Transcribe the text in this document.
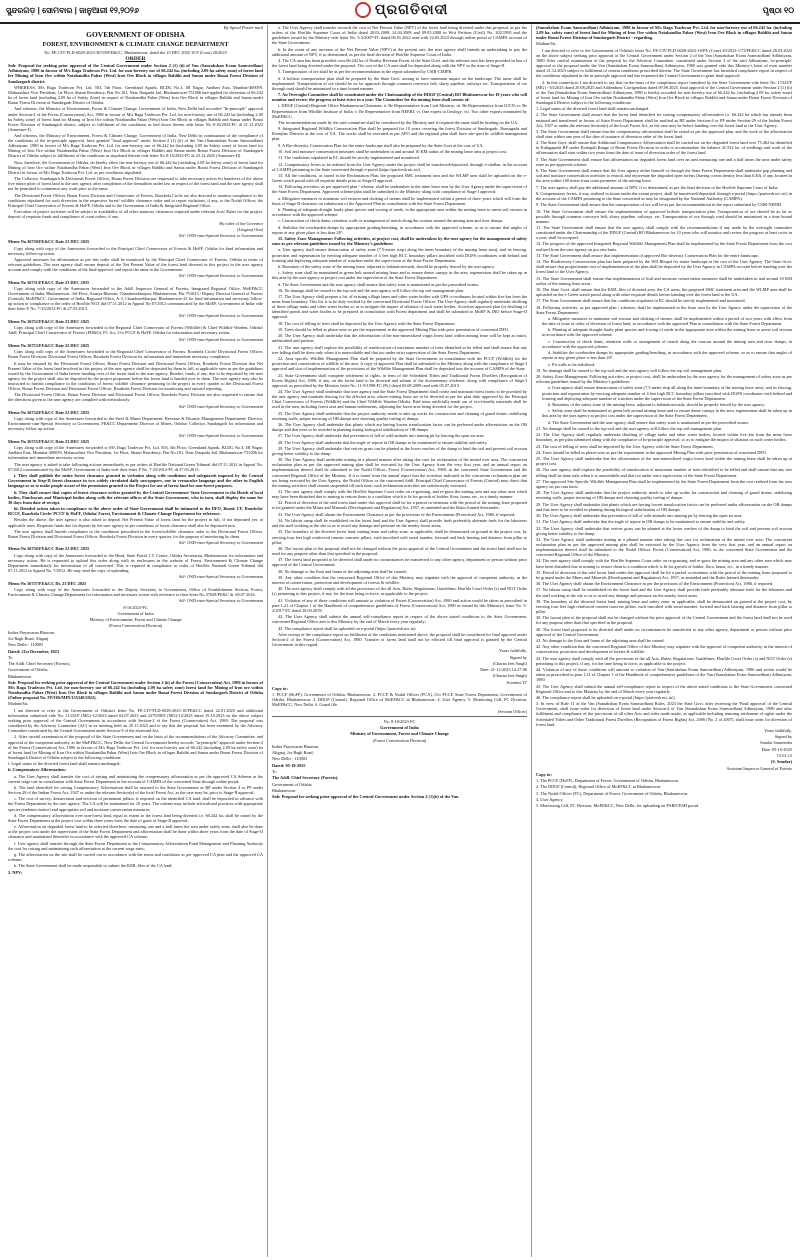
ସୁନ୍ଦରଗଡ଼ | ସୋମବାର | ଜାନୁଆରୀ ୧୨,୨୦୨୬	ପ୍ରଗତିବାଦୀ	ପୃଷ୍ଠା ୧୦
By Speed Post/e-mail
GOVERNMENT OF ODISHA
FOREST, ENVIRONMENT & CLIMATE CHANGE DEPARTMENT

No. FE-CIV-FLD-0028-2023-36749/FE&CC, Bhubaneswar, dated the 23 DEC 2025 10 F (Cons) 20/2023

ORDER

Sub: Proposal for seeking prior approval of the Central Government under Section 2 (1) (ii) of Van (Sanrakshan Evam Samvardhan) Adhiniyam, 1980 in favour of M/s Raga Tradecon Pvt. Ltd. for non-forestry use of 66.242 ha. (including 2.09 ha safety zone) of forest land for Mining of Iron Ore within Notabandha Pahar (West) Iron Ore Block in villages Baldihi and Sanua under Bonai Forest Division of Sundargarh district.

WHEREAS, M/s Raga Tradecon Pvt. Ltd. 503, 5th Floor, Greenland Apartk, BLDG No.3, JB Nagar, Andheri East, Mumbai-400059, Maharashtra Vice President, 1st Floor, Shanti Residency, Flat No.101, Near Jharpada Jail, Bhubaneswar-751006 had applied for diversion of 66.242 ha of forest land (including 2.09 ha of Safety Zone) in respect of Notabandha Pahar (West) Iron Ore Block in villages Baldihi and Sanua under Bonai Forest Division of Sundargarh District of Odisha.

And whereas, the Ministry of Environment, Forest & Climate Change, Government of India, New Delhi had accorded "In-principle" approval under Section-2 of the Forest (Conservation) Act, 1980 in favour of M/s Raga Tradecon Pvt. Ltd. for non-forestry use of 66.242 ha (including 2.09 ha Safety zone) of forest land for Mining of Iron Ore within Notabandha Pahar (West) Iron Ore Block in villages Baldihi and Sanua under Bonai Forest Division of Sundargarh district, subject to fulfilment of the conditions as laid down therein vide letter No 8-16/2023-FC dt 21.12.2023 (Annexure-I).

And whereas, the Ministry of Environment, Forest & Climate Change, Government of India, New Delhi in continuation of the compliance of the conditions of the in-principle approval, have granted "final approval" under Section-2 (1) (ii) of the Van (Sanrakshan Evam Samvardhan) Adhiniyam, 1980 in favour of M/s Raga Tradecon Pvt. Ltd. for non-forestry use of 66.242 ha (including 2.09 ha Safety zone) of forest land for Mining of Iron Ore within Notabandha Pahar (West) Iron Ore Block in villages Baldihi and Sanua under Bonai Forest Division of Sundargarh District of Odisha subject to fulfilment of the conditions as stipulated therein vide letter No 8-16/2023-FC dt 23.12.2025 (Annexure-II).

Now, therefore, the Government of Odisha, do hereby allow the non-forestry use of 66.242 ha (including 2.09 ha Safety zone) of forest land for Mining of Iron Ore within Notabandha Pahar (West) Iron Ore Block in villages Baldihi and Sanua under Bonai Forest Division of Sundargarh District in favour of M/s Raga Tradecon Pvt. Ltd. as per conditions stipulated.

The Collector, Sundargarh & Divisional Forest Officer, Bonai Forest Division are requested to take necessary action for handover of the above five minor plots of forest land to the user agency after completion of the formalities under law in respect of the forest land and the user agency shall not be permitted to commence any work prior to the same.

The Divisional Forest Officer, Bonai Forest Division and Conservator of Forests, Rourkela Circle are also directed to monitor compliance to the conditions stipulated for such diversion in the respective forest/ wildlife clearance order and to report violations, if any, to the Nodal Officer, the Principal Chief Conservator of Forests & HoFF, Odisha and to the Government of India & Integrated Regional Office.

Execution of project activities will be subject to availability of all other statutory clearances required under relevant Acts/ Rules for the project, deposit of requisite funds and compliance of court orders, if any.

By order of the Governor

(Lingaraj Otta)

Sd/- OSD-cum-Special Secretary to Government

Memo No.36750/FE&CC Date 23 DEC 2025

Copy along with copy of the Annexures forwarded to the Principal Chief Conservator of Forests & HoFF, Odisha for kind information and necessary follow-up action.

Approved measures for afforestation as per this order shall be monitored by the Principal Chief Conservator of Forests, Odisha in terms of relevant guidelines. The user agency shall ensure deposit of the Net Present Value of the forest land diverted in this project in the user agency account and comply with the conditions of the final approval, and report the same to the Government.

Sd/- OSD-cum-Special Secretary to Government

Memo No 36751/FE&CC Date 23 DEC 2025

Copy along with copy of the Annexures forwarded to the Addl. Inspector General of Forests, Integrated Regional Office, MoEF&CC Government of India, Bhubaneswar, 3rd Floor, Aranya Bhawan, Chandrasekharpur, Bhubaneswar, Pin-751023 / Deputy Director General of Forests (Central), MoEF&CC, Government of India, Regional Office, A-3, Chandrasekharpur, Bhubaneswar-23 for kind information and necessary follow-up action in compliance to the order of Hon'ble NGT dtd 07.11.2012 in Appeal No 07/2012 communicated by the MoEF, Government of India vide their letter F No. 7-25/2012-FC dt 27.03.2013.

Sd/- OSD-cum-Special Secretary to Government

Memo No 36752/FE&CC Date 23 DEC 2025

Copy along with copy of the Annexures forwarded to the Regional Chief Conservator of Forests (Wildlife) & Chief Wildlife Warden, Odisha/ Addl. Principal Chief Conservator of Forests (FD&O), FC Act, O/o PCCF & HoFF, Odisha for information and necessary action.

Sd/- OSD-cum-Special Secretary to Government

Memo No 36753/FE&CC Date 23 DEC 2025

Copy along with copy of the Annexures forwarded to the Regional Chief Conservator of Forests, Rourkela Circle/ Divisional Forest Officer, Bonai Forest Division/ Divisional Forest Officer, Rourkela Forest Division for information and immediate necessary compliance.

It may be ensured by the Divisional Forest Officer, Bonai Forest Division and Divisional Forest Officer, Rourkela Forest Division that Net Present Value of the forest land involved in this project of the user agency shall be deposited by them in full, at applicable rates as per the guidelines issued by the Government of India before handing over of the forest land to the user agency. Besides, funds, if any, due to be deposited by the user agency for the project shall also be deposited by the project proponent before the forest land is handed over to them. The user agency may also be instructed to furnish compliance to the conditions of forest/ wildlife clearance pertaining to the project in every quarter to the Divisional Forest Officer, Bonai Forest Division and Divisional Forest Officer, Rourkela Forest Division for monitoring and onward reporting.

The Divisional Forest Officer, Bonai Forest Division and Divisional Forest Officer, Rourkela Forest Division are also requested to ensure that the directions given to the user agency are complied with meticulously.

Sd/- OSD-cum-Special Secretary to Government

Memo No 36754/FE&CC Date 23 DEC 2025

Copy along with copy of the Annexures forwarded to the Steel & Mines Department/ Revenue & Disaster Management Department/ Director, Environment-cum-Special Secretary to Government, FE&CC Department/ Director of Mines, Odisha/ Collector, Sundargarh for information and necessary follow up action.

Sd/- OSD-cum-Special Secretary to Government

Memo No 36755/FE&CC Date 23 DEC 2025

Copy along with copy of the Annexures forwarded to M/s Raga Tradecon Pvt. Ltd. 503, 5th Floor, Greenland Apartk, BLDG No.3, JB Nagar, Andheri East, Mumbai-400059, Maharashtra Vice President, 1st Floor, Shanti Residency, Flat No.101, Near Jharpada Jail, Bhubaneswar-751006 for information and immediate necessary action.

The user agency is asked to take following actions immediately as per orders of Hon'ble National Green Tribunal dtd 07.11.2012 in Appeal No. 07/2012 communicated by the MoEF, Government of India vide their letter F No. 7-25/2012-FC dt 27.03.2013.

i. They shall publish the entire forest clearance granted in verbatim along with conditions and safeguards imposed by the Central Government in Step-II forest clearance in two widely circulated daily newspapers, one in vernacular language and the other in English language so as to make people aware of the permission granted to the Project for use of forest land for non-forest purposes.

ii. They shall ensure that copies of forest clearance orders granted by the Central Government/ State Government to the Heads of local bodies, Panchayats and Municipal bodies along with the relevant offices of the State Government, who in turn, shall display the same for 30 days from date of receipt.

iii. Detailed action taken in compliance to the above order of State Government shall be intimated to the DFO, Bonai/ CF, Rourkela/ RCCF, Rourkela Circle/ PCCF & HoFF, Odisha/ Forest, Environment & Climate Change Department for reference.

Besides the above, the user agency is also asked to deposit Net Present Value of forest land for the project in full, if not deposited yet, at applicable rates. Requisite funds due for deposit by the user agency as per conditions of forest clearance shall also be deposited now.

The user agency shall furnish compliance to the conditions prescribed in the forest/wildlife clearance order to the Divisional Forest Officer, Bonai Forest Division and Divisional Forest Officer, Rourkela Forest Division in every quarter, for the purpose of monitoring by them.

Sd/- OSD-cum-Special Secretary to Government

Memo No 36756/FE&CC Date 23 DEC 2025

Copy along with copy of the Annexures forwarded to the Head, State Portal, I.T. Centre, Odisha Secretariat, Bhubaneswar for information and necessary action. He is requested to upload this order along with its enclosures in the website of Forest, Environment & Climate Change Department immediately for information of all concerned. This is required in compliance to order of Hon'ble National Green Tribunal dtd 07.11.2012 in Appeal No. 7/2012. He may send the copy of uploading.

Sd/- OSD-cum-Special Secretary to Government

Memo No 36757/FE&CC Dt. 23 DEC 2025

Copy along with copy of the Annexures forwarded to the Deputy Secretary to Government, Office of Establishment Section, Forest, Environment & Climate Change Department for information and necessary action with reference to their letter No 37029/FE&C dt. 06.07.2016.

Sd/- OSD-cum-Special Secretary to Government

8-16/2023-FC

Government of India

Ministry of Environment, Forest and Climate Change

(Forest Conservation Division)

Indira Paryavaran Bhawan,

Jor Bagh Road, Aliganj

New Delhi - 110003

Dated: 21st December, 2023

To

The Addl. Chief Secretary (Forests),

Government of Odisha,

Bhubaneswar

Sub: Proposal for seeking prior approval of the Central Government under Section 2 (ii) of the Forest (Conservation) Act, 1980 in favour of M/s Raga Tradecon Pvt. Ltd. for non-forestry use of 66.242 ha (including 2.09 ha safety zone) forest land for Mining of Iron ore within Notabandha Pahar (West) Iron Ore Block in villages Baldihi and Sanua under Bonai Forest Division of Sundargarh District of Odisha (Online proposal No. FP/OR/MIN/155340/2022).

Madam/Sir,

I am directed to refer to the Government of Odisha's letter No. FE-CIV-FLD-0028-2023-10/FE&CC dated 22.01.2023 and additional information submitted vide No. 11332/F (MG)-12/2023 dated 04.07.2023 and 2279/08/F (MG)-12/2023 dated 19.10.2023 on the above subject seeking prior approval of the Central Government in accordance with Section-2 of the Forest (Conservation) Act, 1980. The proposal was considered by the Advisory Committee (AC) in its meeting held on 29.11.2023 and to say that the proposal has been examined by the Advisory Committee constituted by the Central Government under Section-3 of the aforesaid Act.

2. After careful examination of the proposal of the State Government and on the basis of the recommendations of the Advisory Committee, and approval of the competent authority, at the MoEF&CC, New Delhi, the Central Government hereby accords "in-principle" approval under Section-2 of the Forest (Conservation) Act, 1980 in favour of M/s Raga Tradecon Pvt. Ltd. for non-forestry use of 66.242 (including 2.09 ha safety zone) ha of forest land for Mining of Iron Ore within Notabandha Pahar (West) Iron Ore Block in villages Baldihi and Sanua under Bonai Forest Division of Sundargarh District of Odisha subject to the following conditions:

i. Legal status of the diverted forest land shall remain unchanged;

ii. Compensatory Afforestation:

a. The User Agency shall transfer the cost of raising and maintaining the compensatory afforestation as per the approved CA Scheme at the current wage rate in consultation with State Forest Department in the account of CAMPA of the concerned State through online portal;

b. The land identified for raising Compensatory Afforestation shall be mutated to the State Government as RF under Section 4 or PF under Section 29 of the Indian Forest Act, 1927 or under the relevant Section(s) of the local Forest Act, as the case may be, prior to Stage-II approval;

c. The cost of survey, demarcation and erection of permanent pillars, if required on the identified CA land, shall be deposited in advance with the Forest Department by the user agency. The CA will be maintained for 10 years. The scheme may include silvicultural practices with appropriate species (endemic/native) and appropriate soil and moisture conservation measures;

d. The compensatory afforestation over non-forest land, equal in extent to the forest land being diverted i.e. 66.242 ha, shall be raised by the State Forest Department at the project cost within three years from the date of grant of Stage-II approval;

e. Afforestation on degraded forest land to be selected elsewhere, measuring one and a half times the area under safety zone, shall also be done at the project cost under the supervision of the State Forest Department and afforestation shall be done within three years from the date of Stage-II clearance and maintained thereafter in accordance with the approved CA scheme;

f. User agency shall transfer through the State Forest Department to the Compensatory Afforestation Fund Management and Planning Authority the cost for raising and maintaining such afforestation at the current wage rates;

g. The afforestation on the site shall be carried out in accordance with the terms and conditions as per approved CA plan and the approved CA scheme;

h. The State Government shall be made responsible to submit the KML files of the CA land;

3. NPV:

a. The User Agency shall transfer towards the cost of Net Present Value (NPV) of the forest land being diverted under this proposal, as per the orders of the Hon'ble Supreme Court of India dated 28.03.2008, 24.04.2008 and 09.05.2008 in Writ Petition (Civil) No. 202/1995 and the guidelines issued by the Ministry vide letter No. 5-3/2007-FC dated 06.01.2022 read with 22.03.2023 through online portal of CAMPA account of the State Government;

b. In the event of any increase of the Net Present Value (NPV) at the present rate, the user agency shall furnish an undertaking to pay the additional amount of NPV, if so determined, as per the final decision of Hon'ble Supreme Court of India.

4. The CA area has been provided over 66.242 ha of Nearby Revenue Forest of the State Govt. and the relevant area has been provided in lieu of the forest land being diverted under the proposal. The cost of the CA area shall be deposited along with the NPV in the time of Stage-II.

5. Transportation of ore shall be as per the recommendation in the report submitted by CSIR-CIMFR.

6. A holistic transportation plan shall be prepared by the State Govt. aiming to have minimum impact on the landscape. The same shall be implemented. Transportation of ore should be on lot approach through common conveyor belt, slurry pipeline, railways etc. Transportation of ore through road should be minimized in a time bound manner.

7. An Oversight Committee shall be constituted under the Chairmanship of the DDGF (Central) RO Bhubaneswar for 10 years who will monitor and review the progress at least twice in a year. The Committee for the mining lease shall consist of:

i. DDGF (Central)-Regional Office Bhubaneswar-Chairman; ii. Be Representative from Coal Ministry; iii. Be Representative from IUCN; iv. Be Representative from Wildlife Institute of India; v. Be Representative from NEERI; vi. One expert in Geology; vii. Two other experts nominated by MoEF&CC.

The recommendations made by the said committee shall be considered by the Ministry and if required the same shall be binding on the UA.

8. Integrated Regional Wildlife Conservation Plan shall be prepared for 10 years covering the forest Division of Sundargarh, Jharsuguda and Keonjhar Districts at the cost of UA. The works shall be executed as per APO and the regional plan shall have site-specific wildlife management plan.

9. A Bio-diversity Conservation Plan for the entire landscape shall also be prepared by the State Govt at the cost of UA.

10. Soil and moisture conservation measures shall be undertaken in and around 10 KM radius of the mining lease area at project cost.

11. The conditions stipulated in EC should be strictly implemented and monitored.

12. Compensatory levies to be realized from the User Agency under the project shall be transferred/deposited, through e-challan, in the account of CAMPA pertaining to the State concerned through e-portal (https://parivesh.nic.in/).

13. All the conditions, as stated in the Reclamation Plan, the proposed SMC treatment area and the WLMP area shall be uploaded on the e-Green watch portal with all requisite details prior to Stage-II approval.

14. Following activities, as per approved plan / scheme, shall be undertaken in the mine lease area by the User Agency under the supervision of the State Forest Department. Approved scheme/plan shall be submitted to the Ministry along with compliance of Stage-I approval:

a. Mitigative measures to minimize soil erosion and choking of stream shall be implemented within a period of three years which will form the basis of Stage-II clearance on submission of the Approved Plan in consultation with the State Forest Department.

b. Planting of adequate drought hardy plant species and sowing of seeds, in the appropriate area within the mining lease to arrest soil erosion in accordance with the approved scheme.

c. Construction of check dams, retention walls or arrangement of trench along the contour around the mining area and river dumps.

d. Stabilize the overburden dumps by appropriate grading/benching, in accordance with the approved scheme, so as to ensure that angles of repose at any given place is less than 28°.

15. Safety Zone Management: Following activities, at project cost, shall be undertaken by the user agency for the management of safety zone as per relevant guidelines issued by the Ministry's guidelines:

a. User agency shall ensure demarcation of safety zone (7.5-meter strip) along the inner boundary of the mining lease area), and its fencing, protection and regeneration by erecting adequate number of 4 feet high RCC boundary pillars inscribed with DGPS coordinates with behind and forming and deploying adequate number of watchers under the supervision of the State Forest Department.

b. Boundary of the safety zone of the mining lease, adjacent to habitation/roads, should be properly fenced by the user agency.

c. Safety zone shall be maintained as green belt around mining lease and to ensure dense canopy in the area, regeneration shall be taken up in this area by the user agency at project cost under the supervision of the State Forest Department.

d. The State Government and the user agency shall ensure that safety zone is maintained as per the prescribed norms.

16. No damage shall be caused to the top-soil and the user agency will follow the top soil management plan.

17. The User Agency shall prepare a list of existing village lanes and other water bodies with GPS co-ordinates located within five km from the mine lease boundary. This list is to be duly verified by the concerned Divisional Forest Officer. The User Agency shall regularly undertake desilting of these village tanks and other water bodies so as to mitigate the impact of siltation of such water bodies. Activities approved plan for desilting of identified ponds and water bodies to be prepared in consultation with Forest department and shall be submitted to MoEF & IRO before Stage-II approval.

18. The cost of felling of trees shall be deposited by the User Agency with the State Forest Department.

19. Trees should be felled as phase-wise as per the requirement in the approved Mining Plan with prior permission of concerned DFO.

20. The User Agency shall undertake that the afforestation of the non-mineralized virgin forest land within mining lease will be kept as intact, undisturbed and pristine.

21. The user agency shall explore the possibility of translocation of maximum number of trees identified to be felled and shall ensure that any tree felling shall be done only when it is unavoidable and that too under strict supervision of the State Forest Department.

22. Area specific Wildlife Management Plan shall be prepared by the State Government in consultation with the PCCF (Wildlife) for the protection and conservation of wildlife of the area. A copy of approved Plan shall be submitted to the Ministry along with the compliance of Stage-I approval and cost of implementation of the provisions of the Wildlife Management Plan shall be deposited into the account of CAMPA of the State.

23. State Government shall complete settlement of rights, in term of the Scheduled Tribes and Traditional Forest Dwellers (Recognition of Forest Rights) Act, 2006, if any, on the forest land to be diverted and submit of the documentary evidence, along with compliance of Stage-I approval, as prescribed by the Ministry letter No. 11-9/1998-FC (Pt.) dated 03.08.2009 read with 05.07.2013.

24. The User Agency shall undertake that user agency and the State Forest Department shall create and maintain forest fronts to be provided by the user agency and maintain fencing for the affected area, whose mining lease are to be diverted as per the plan duly approved by the Principal Chief Conservator of Forests (Wildlife) and the Chief Wildlife Warden Odisha. Bird nests artificially made out of eco-friendly materials shall be used in the area, including forest area and human settlements, adjoining the forest area being diverted for the project.

25. The User Agency shall undertake that the project authority needs to take up works for construction and cleaning of guard drains, stabilizing retaining walls, proper terracing of OB dumps and choosing quality turfing of dumps.

26. The User Agency shall undertake that plants which are having lowest translocation factor can be preferred under afforestation on the OB dumps and that trees to be avoided in planting during biological stabilization of OB dumps.

27. The User Agency shall undertake that prevention of fall of wild animals into mining pit by fencing the open air area.

28. The User Agency shall undertake that the angle of repose in OB dumps to be maintained to ensure stability and safety.

29. The User Agency shall undertake that vetiver grass can be planted at the lower reaches of the dump to bind the soil and prevent soil erosion giving better stability to the dump.

30. The User Agency shall undertake mining in a phased manner after taking due care for reclamation of the mined over area. The concurrent reclamation plan as per the approved mining plan shall be executed by the User Agency from the very first year, and an annual report on implementation thereof shall be submitted to the Nodal Officer, Forest (Conservation) Act, 1980, in the concerned State Government and the concerned Regional Office of the Ministry. If it is found from the annual report that the activities indicated in the concurrent reclamation plan are not being executed by the User Agency, the Nodal Officer or the concerned Addl. Principal Chief Conservator of Forests (Central) may direct that the mining activities shall remain suspended till such time, such reclamation activities are satisfactorily executed.

31. The user agency shall comply with the Hon'ble Supreme Court order on re-grassing, and re-grass the mining area and any other area which may have been disturbed due to mining to restore them to a condition which is fit for growth of fodder, flora, fauna, etc., in a timely manner.

32. Period of diversion of the said forest land under this approval shall be for a period co-terminus with the period of the mining lease proposed to be granted under the Mines and Minerals (Development and Regulation) Act, 1957, as amended and the Rules framed thereunder;

33. The User Agency shall obtain the Environment Clearance as per the provisions of the Environment (Protection) Act, 1986, if required;

34. No labour camp shall be established on the forest land and the User Agency shall provide fuels preferably alternate fuels for the labourers and the staff working at the site so as to avoid any damage and pressure on the nearby forest areas;

35. The boundary of the diverted forest land, mining lease and safety zone, as applicable, shall be demarcated on ground at the project cost, by erecting four feet high reinforced cement concrete pillars, each inscribed with serial number, forward and back bearing and distance from pillar to pillar;

36. The layout plan of the proposal shall not be changed without the prior approval of the Central Government and the forest land shall not be used for any purpose other than that specified in the proposal;

37. The forest land proposed to be diverted shall under no circumstances be transferred to any other agency, department or person without prior approval of the Central Government;

38. No damage to the flora and fauna of the adjoining area shall be caused;

39. Any other condition that the concerned Regional Office of this Ministry may stipulate with the approval of competent authority, in the interest of conservation, protection and development of forests & wildlife;

40. The user agency shall comply with all the provisions of the all Acts, Rules, Regulations, Guidelines, Hon'ble Court Order (s) and NGT Order (s) pertaining to this project, if any, for the time being in force, as applicable to the project;

41. Violation of any of these conditions will amount to violation of Forest (Conservation) Act, 1980 and action would be taken as prescribed in para 1.21 of Chapter 1 of the Handbook of comprehensive guidelines of Forest (Conservation) Act, 1980 as issued by this Ministry's letter No. 5-2/2017-FC dated 28.03.2019;

42. The User Agency shall submit the annual self-compliance report in respect of the above stated conditions to the State Government, concerned Regional Office and to this Ministry by the end of March every year regularly;

43. The compliance report shall be uploaded on e-portal (https://parivesh.nic.in).

After receipt of the compliance report on fulfilment of the conditions mentioned above, the proposal shall be considered for final approval under Section-2 of the Forest (Conservation) Act, 1980. Transfer of forest land shall not be effected till final approval is granted by the Central Government in this regard.

Yours faithfully,

Signed by

(Charan Jeet Singh)

Date: 21-12-2023 12:27:06

(Charan Jeet Singh)

Scientist 'D'

Copy to:

1. PCCF (HoFF), Government of Odisha, Bhubaneswar. 2. PCCF & Nodal Officer (FCA), O/o PCCF, State Forest Department, Government of Odisha, Bhubaneswar. 3. DDGF (Central), Regional Office of MoEF&CC at Bhubaneswar. 4. User Agency. 5. Monitoring Cell, FC Division, MoEF&CC, New Delhi. 6. Guard file.

(Section Officer)

No. 8-16/2023-FC

Government of India

Ministry of Environment, Forest and Climate Change

(Forest Conservation Division)

Indira Paryavaran Bhawan,

Aliganj, Jor Bagh Road,

New Delhi - 110003

Dated: 05-10-2025

To

The Addl. Chief Secretary (Forests),

Government of Odisha,

Bhubaneswar

Sub: Proposal for seeking prior approval of the Central Government under Section 2 (1)(ii) of the Van

(Sanrakshan Evam Samvardhan) Adhiniyam, 1980 in favour of M/s Raga Tradecon Pvt. Ltd. for non-forestry use of 66.242 ha. (including 2.09 ha. safety zone) of forest land for Mining of Iron Ore within Notabandha Pahar (West) Iron Ore Block in villages Baldihi and Sanua under Bonai Forest Division of Sundargarh District - regarding.

Madam/Sir,

I am directed to refer to the Government of Odisha's letter No. FE-CIV-FLD-0028-2023-16/FE (Cons) 20/2023-1/73/FE&CC dated 28.03.2023 on the above subject seeking prior approval of the Central Government under Section 2 of the Van (Sanrakshan Evam Samvardhan) Adhiniyam, 1980 After careful examination of the proposal by the Advisory Committee, constituted under Section 3 of the said Adhiniyam, 'in-principle' approval to the proposal under the Van (Sanrakshan Evam Samvardhan) Adhiniyam, 1980 was granted vide this Ministry's letter of even number dated 21.12.2023 subject to fulfilment of certain conditions prescribed therein. The State Government has furnished compliance report in respect of the conditions stipulated in the in-principle approval and has requested the Central Government to grant final approval.

2. In this connection, I am directed to say that on the basis of the compliance report furnished by the State Government vide letter No. 17223/F (MG) - 63/2023 dated 20.08.2025 and Addendum/ Corrigendum dated 09.09.2025, final approval of the Central Government under Section 2 (1) (ii) of the Van (Sanrakshan Evam Samvardhan) Adhiniyam, 1980 is hereby accorded for non-forestry use of 66.242 ha. (including 2.09 ha. safety zone) of forest land for Mining of Iron Ore within Notabandha Pahar (West) Iron Ore Block in villages Baldihi and Sanua under Bonai Forest Division of Sundargarh District subject to the following conditions:

1. Legal status of the diverted forest land shall remain unchanged.

2. The State Government shall ensure that the forest land identified for raising compensatory afforestation i.e. 66.242 ha which has already been mutated and transferred in favour of State Forest Department shall be notified as RF under Section-4 or PF under Section-29 of the Indian Forest Act, 1927 or under the relevant Section(s) of the local Forest Act, as the case may be before handing over the forest land to the User Agency.

3. The State Government shall ensure that the compensatory afforestation shall be raised as per the approved plan, and the work of the afforestation shall start within one year of the date of issuance of diversion order of the forest land.

4. The State Govt. shall ensure that Additional Compensatory Afforestation shall be carried out on the degraded forest land over 75.462 ha identified in Kalngapada RF under Koitapali Range of Bonai Forest Division in order to accommodate the balance 41.532 ha. of seedlings and work of the afforestation shall start within two years from the date of issue of diversion order of the forest land.

5. The State Government shall ensure that afforestation on degraded forest land over an area measuring one and a half times the area under safety zone as per approved scheme.

6. The State Government shall ensure that the User agency either himself or through the State Forest Department shall undertake gap planting and soil and moisture conservation activities to restock and rejuvenate the degraded open forests (having crown density less than 0.40), if any, located in the area within 100 meter from outer perimeter of the mining lease.

7. The user agency shall pay the additional amount of NPV, if so determined, as per the final decision of the Hon'ble Supreme Court of India.

8. Compensatory levies, if any, realized in future under the extant project, shall be transferred/deposited, through e-portal (https://parivesh.nic.in/) in the account of the CAMPA pertaining to the State concerned as may be designated by the National Authority (CAMPA).

9. The State Government shall ensure that the transportation of ore will be as per the recommendation in the report submitted by CSIR-NEERI.

10. The State Government shall ensure the implementation of approved holistic transportation plan. Transportation of ore should be as far as possible through common conveyor belt, slurry pipeline, railways, etc. Transportation of ore through road should be minimized in a time bound manner.

11. The State Government shall ensure that the user agency shall comply with the recommendations if any made by the oversight committee constituted under the Chairmanship of the DDGF (Central) RO Bhubaneswar for 10 years who will monitor and review the progress at least twice in a year, shall be accepted.

12. The progress of the approved Integrated Regional Wildlife Management Plan shall be implemented by the State Forest Department from the cost realized from the user agency on pro rata basis.

13. The State Government shall ensure that implementation of approved Bio-diversity Conservation Plan for the entire landscape.

14. The Biodiversity Conservation plan has been prepared by the WII Bhopal for entire landscape at the cost of the User Agency. The State Govt. shall ensure that proportionate cost of implementation of the plan shall be deposited by the User Agency in CAMPA account before handing over the forest land to the User Agency.

15. The State Government shall ensure that implementation of Soil and moisture conservation measures shall be undertaken in and around 10 KM radius of the mining lease areas.

16. The State Govt. shall ensure that the KML files of diverted area, the CA areas, the proposed SMC treatment area and the WLMP area shall be uploaded on the e-Green watch portal along with other requisite details before handing over the forest land to the UA.

17. The State Government shall ensure that the conditions stipulated in EC should be strictly implemented and monitored.

18. Following activities, as per approved plan / schemes, shall be implemented in the lease area by the User Agency under the supervision of the State Forest Department:

a. Mitigative measures to minimize soil erosion and choking of stream, shall be implemented within a period of two years with effect from the date of issue of order of diversion of forest land, in accordance with the approved Plan in consultation with the State Forest Department.

b. Planting of adequate drought hardy plant species and sowing of seeds in the appropriate area within the mining lease to arrest soil erosion in accordance with the approved scheme.

c. Construction of check dams, retention walls or arrangement of trench along the contour around the mining area and river dumps, in accordance with the approved scheme.

d. Stabilize the overburden dumps by appropriate grading/benching, in accordance with the approved scheme, so as to ensure that angles of repose at any given place is less than 28°.

e. Pit walls to be stabilized.

19. No damage shall be caused to the top-soil and the user agency will follow the top soil management plan.

20. Safety Zone Management: Following activities, at project cost, shall be undertaken by the user agency for the management of safety zone as per relevant guidelines issued by the Ministry's guidelines:

a. User agency shall ensure demarcation of safety zone (7.5 meter strip all along the inner boundary of the mining lease area), and its fencing, protection and regeneration by erecting adequate number of 4 feet high RCC boundary pillars inscribed with DGPS coordinates with behind and forming and deploying adequate number of watchers under the supervision of the State Forest Department.

b. Boundary of the safety zone of the mining lease, adjacent to habitation/roads, should be properly fenced by the user agency.

c. Safety zone shall be maintained as green belt around mining lease and to ensure dense canopy in the area, regeneration shall be taken up in this area by the user agency at project cost under the supervision of the State Forest Department.

d. The State Government and the user agency shall ensure that safety zone is maintained as per the prescribed norms.

21. No damage shall be caused to the top-soil and the user agency will follow the top soil management plan.

22. The User Agency shall regularly undertake desilting of village tanks and other water bodies, located within five km from the mine lease boundary, as per plan submitted along with the compliance of In-principle approval, so as to mitigate the impact of siltation on such water bodies.

23. The cost of felling of trees shall be deposited by the User Agency with the State Forest Department.

24. Trees should be felled as phase-wise as per the requirement in the approved Mining Plan with prior permission of concerned DFO.

25. The User Agency shall undertake that the afforestation of the non-mineralized virgin forest land within the mining lease shall be taken up at project cost.

26. The user agency shall explore the possibility of translocation of maximum number of trees identified to be felled and shall ensure that any tree felling shall be done only when it is unavoidable and that too under strict supervision of the State Forest Department.

27. The approved Site Specific Wildlife Management Plan shall be implemented by the State Forest Department from the cost realized from the user agency on pro rata basis.

28. The User Agency shall undertake that the project authority needs to take up works for construction and cleaning of guard drains, stabilizing retaining walls, proper terracing of OB dumps and choosing quality turfing of dumps.

29. The User Agency shall undertake that plants which are having lowest translocation factor can be preferred under afforestation on the OB dumps and that trees to be avoided in planting during biological stabilization of OB dumps.

30. The User Agency shall undertake that prevention of fall of wild animals into mining pit by fencing the open air area.

31. The User Agency shall undertake that the angle of repose in OB dumps to be maintained to ensure stability and safety.

32. The User Agency shall undertake that vetiver grass can be planted at the lower reaches of the dump to bind the soil and prevent soil erosion giving better stability to the dump.

33. The User Agency shall undertake mining in a phased manner after taking due care for reclamation of the mined over area. The concurrent reclamation plan as per the approved mining plan shall be executed by the User Agency from the very first year, and an annual report on implementation thereof shall be submitted to the Nodal Officer, Forest (Conservation) Act, 1980, in the concerned State Government and the concerned Regional Office of the Ministry.

34. The user agency shall comply with the Hon'ble Supreme Court order on re-grassing, and re-grass the mining area and any other area which may have been disturbed due to mining to restore them to a condition which is fit for growth of fodder, flora, fauna, etc., in a timely manner.

35. Period of diversion of the said forest land under this approval shall be for a period co-terminus with the period of the mining lease proposed to be granted under the Mines and Minerals (Development and Regulation) Act, 1957, as amended and the Rules framed thereunder.

36. The User Agency shall obtain the Environment Clearance as per the provisions of the Environment (Protection) Act, 1986, if required.

37. No labour camp shall be established on the forest land and the User Agency shall provide fuels preferably alternate fuels for the labourers and the staff working at the site so as to avoid any damage and pressure on the nearby forest areas.

38. The boundary of the diverted forest land, mining lease and safety zone, as applicable, shall be demarcated on ground at the project cost, by erecting four feet high reinforced cement concrete pillars, each inscribed with serial number, forward and back bearing and distance from pillar to pillar.

39. The layout plan of the proposal shall not be changed without the prior approval of the Central Government and the forest land shall not be used for any purpose other than that specified in the proposal.

40. The forest land proposed to be diverted shall under no circumstances be transferred to any other agency, department or person without prior approval of the Central Government.

41. No damage to the flora and fauna of the adjoining area shall be caused.

42. Any other condition that the concerned Regional Office of this Ministry may stipulate with the approval of competent authority, in the interest of conservation, protection and development of forests & wildlife.

43. The user agency shall comply with all the provisions of the all Acts, Rules, Regulations, Guidelines, Hon'ble Court Order (s) and NGT Order (s) pertaining to this project, if any, for the time being in force, as applicable to the project.

44. Violation of any of these conditions will amount to violation of Van (Sanrakshan Evam Samvardhan) Adhiniyam, 1980 and action would be taken as prescribed in para 1.21 of Chapter 1 of the Handbook of comprehensive guidelines of the Van (Sanrakshan Evam Samvardhan) Adhiniyam, 1980.

45. The User Agency shall submit the annual self-compliance report in respect of the above stated conditions to the State Government, concerned Regional Office and to this Ministry by the end of March every year regularly.

46. The compliance report shall be uploaded on e-portal (https://parivesh.nic.in/).

3. In view of Rule 11 of the Van (Sanrakshan Evam Samvardhan) Rules, 2023 the State Govt. after receiving the 'Final approval' of the Central Government, shall issue order for diversion of forest land under Section-2 of Van (Sanrakshan Evam Samvardhan) Adhiniyam, 1980 and after fulfilment and compliance of the provisions of all other Acts and rules made under, as applicable including ensuring settlement of rights under the Scheduled Tribes and Other Traditional Forest Dwellers (Recognition of Forest Rights) Act, 2006 (No. 2 of 2007), shall issue order for diversion of forest land.

Yours faithfully,

Signed by

Sundar Samrendra

Date: 05-10-2025

15:01:12

(S. Sundar)

Assistant Inspector General of Forests

Copy to:

1. The PCCF (HoFF), Department of Forest, Government of Odisha, Bhubaneswar.

2. The DDGF (Central), Regional Office of MoEF&CC at Bhubaneswar.

3. The Nodal Officer (FC), Department of Forest, Government of Odisha, Bhubaneswar.

4. User Agency.

5. Monitoring Cell, FC Division, MoEF&CC, New Delhi, for uploading on PARIVESH portal.
